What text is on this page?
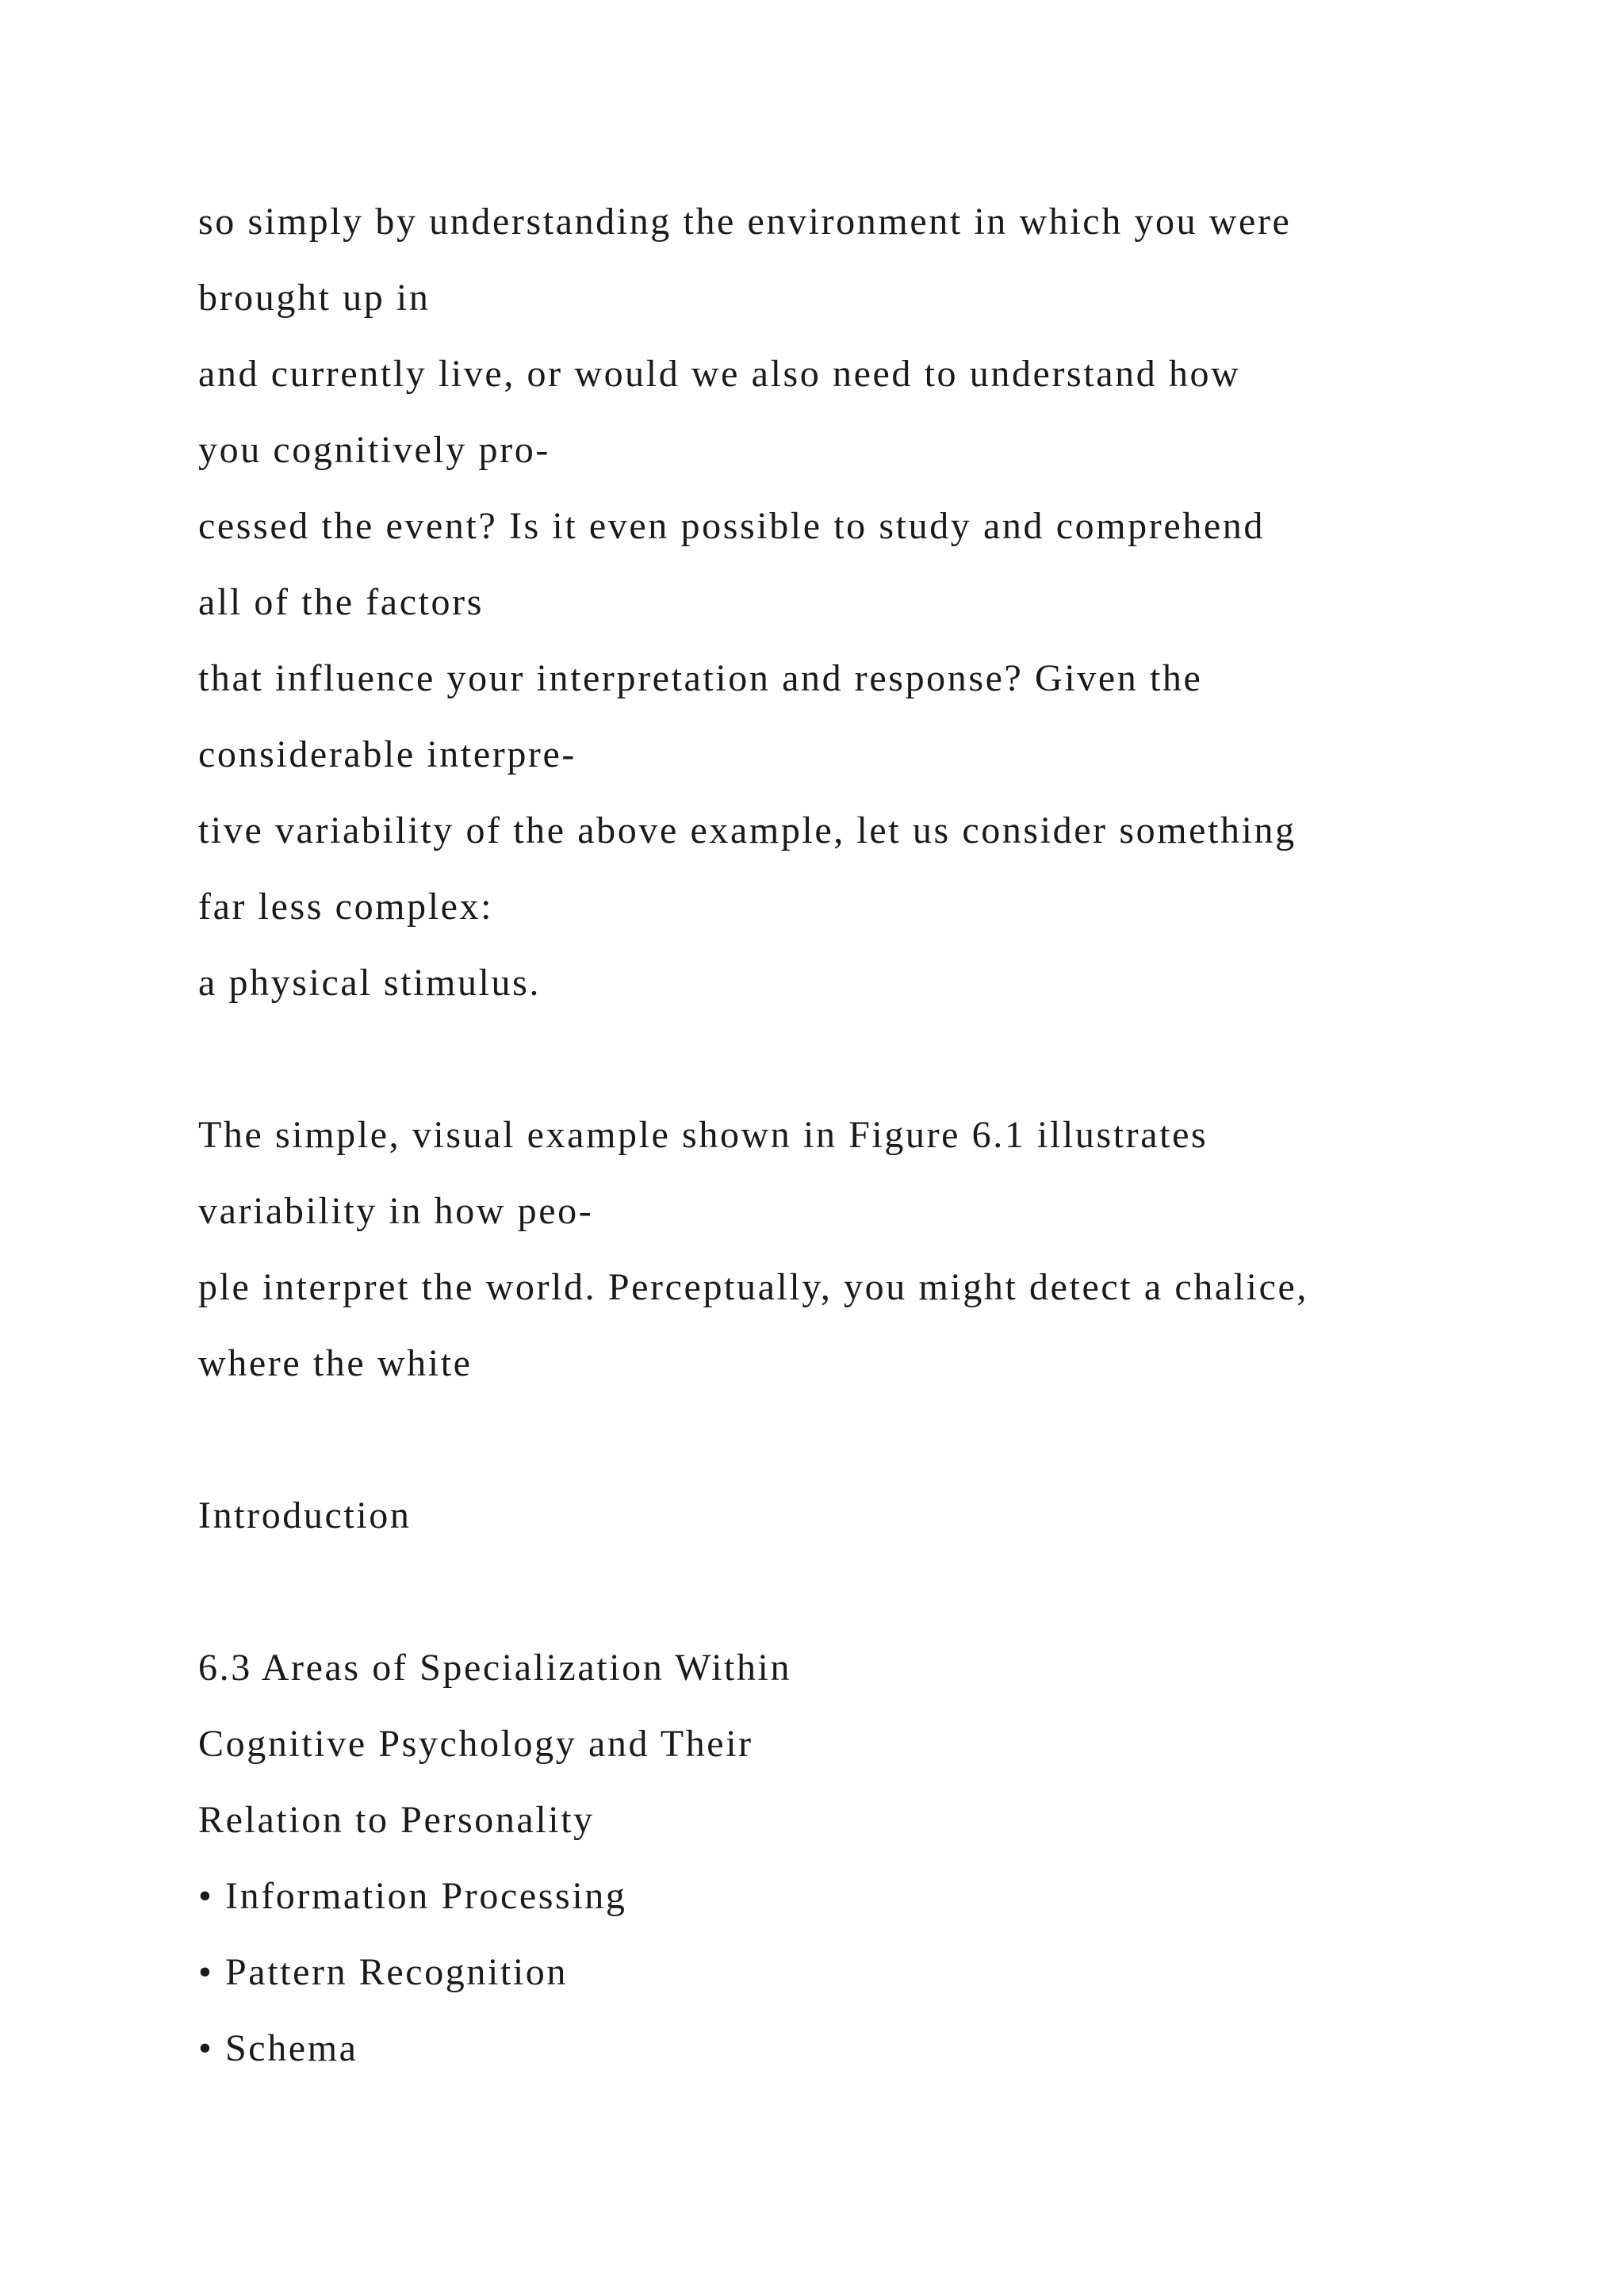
so simply by understanding the environment in which you were
brought up in
and currently live, or would we also need to understand how
you cognitively pro-
cessed the event? Is it even possible to study and comprehend
all of the factors
that influence your interpretation and response? Given the
considerable interpre-
tive variability of the above example, let us consider something
far less complex:
a physical stimulus.
The simple, visual example shown in Figure 6.1 illustrates
variability in how peo-
ple interpret the world. Perceptually, you might detect a chalice,
where the white
Introduction
6.3 Areas of Specialization Within
Cognitive Psychology and Their
Relation to Personality
• Information Processing
• Pattern Recognition
• Schema
